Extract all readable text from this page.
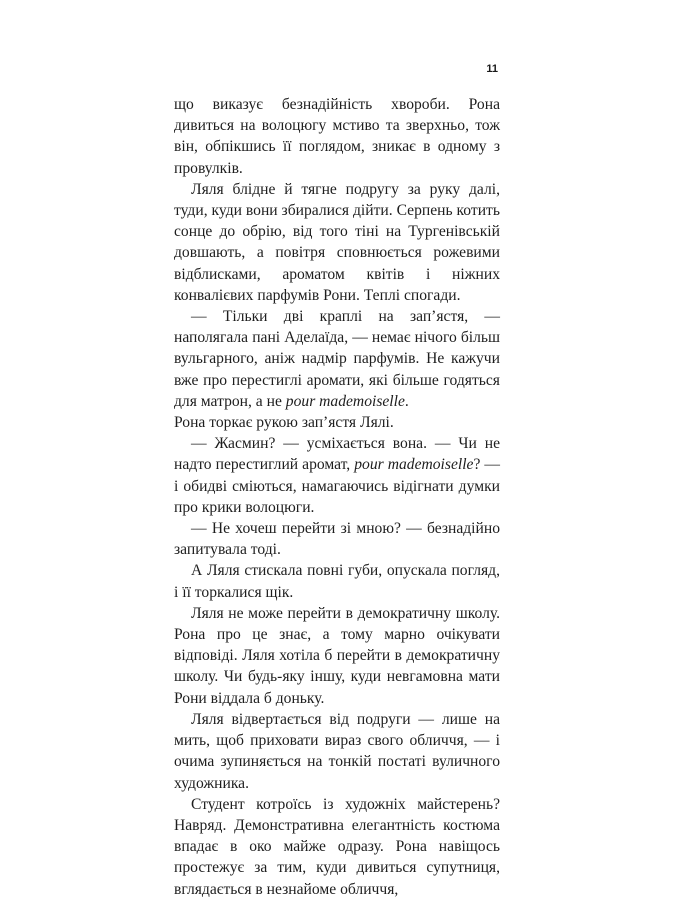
11

що виказує безнадійність хвороби. Рона дивиться на волоцюгу мстиво та зверхньо, тож він, обпікшись її поглядом, зникає в одному з провулків.

Ляля блідне й тягне подругу за руку далі, туди, куди вони збиралися дійти. Серпень котить сонце до обрію, від того тіні на Тургенівській довшають, а повітря сповнюється рожевими відблисками, ароматом квітів і ніжних конвалієвих парфумів Рони. Теплі спогади.

— Тільки дві краплі на зап’ястя, — наполягала пані Аделаїда, — немає нічого більш вульгарного, аніж надмір парфумів. Не кажучи вже про перестиглі аромати, які більше годяться для матрон, а не pour mademoiselle.

Рона торкає рукою зап’ястя Лялі.

— Жасмин? — усміхається вона. — Чи не надто перестиглий аромат, pour mademoiselle? — і обидві сміються, намагаючись відігнати думки про крики волоцюги.

— Не хочеш перейти зі мною? — безнадійно запитувала тоді.

А Ляля стискала повні губи, опускала погляд, і її торкалися щік.

Ляля не може перейти в демократичну школу. Рона про це знає, а тому марно очікувати відповіді. Ляля хотіла б перейти в демократичну школу. Чи будь-яку іншу, куди невгамовна мати Рони віддала б доньку.

Ляля відвертається від подруги — лише на мить, щоб приховати вираз свого обличчя, — і очима зупиняється на тонкій постаті вуличного художника.

Студент котроїсь із художніх майстерень? Навряд. Демонстративна елегантність костюма впадає в око майже одразу. Рона навіщось простежує за тим, куди дивиться супутниця, вглядається в незнайоме обличчя,
